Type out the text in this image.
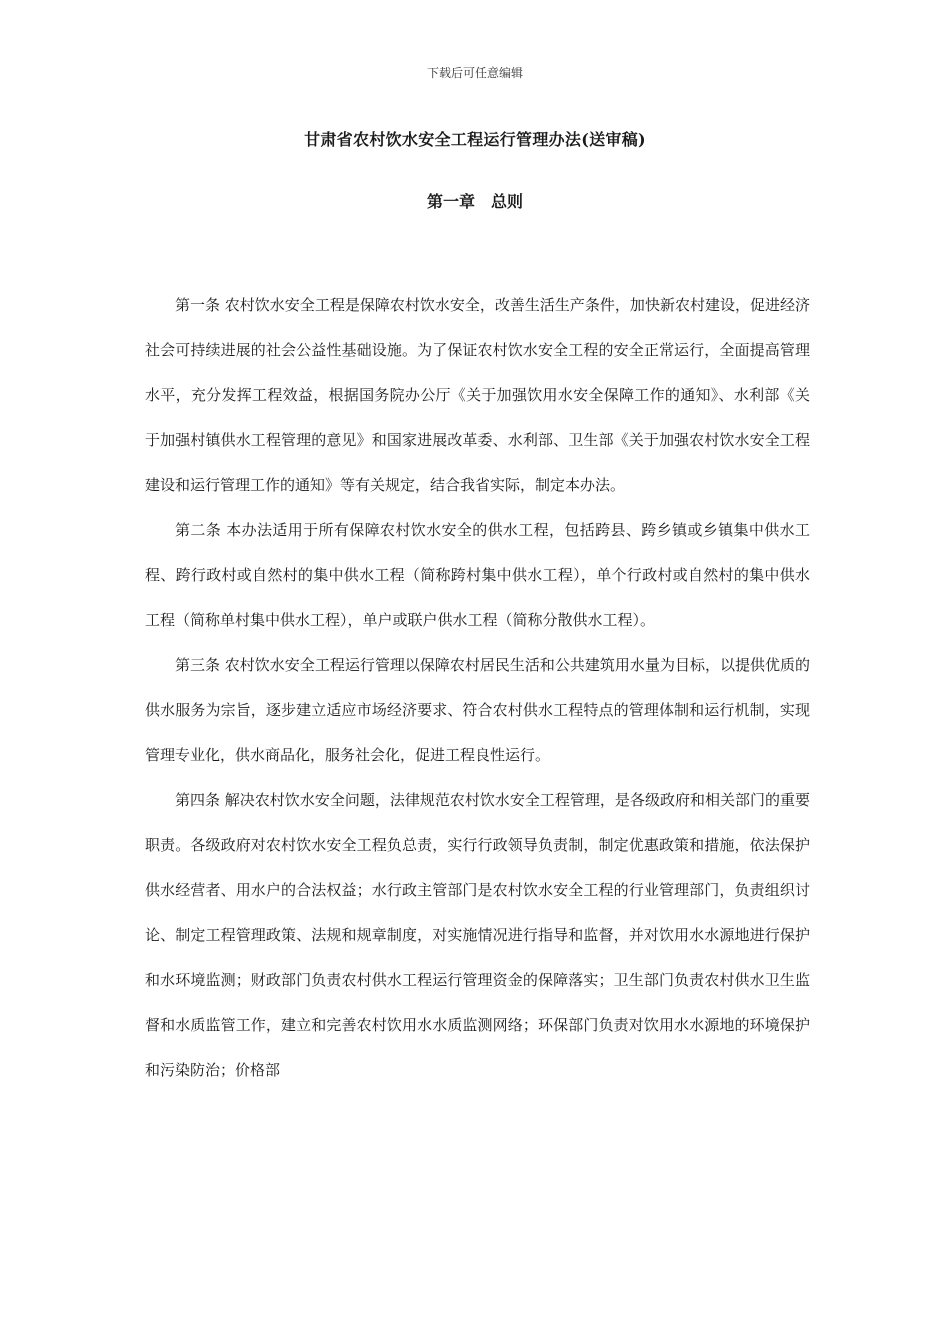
下载后可任意编辑
甘肃省农村饮水安全工程运行管理办法(送审稿)
第一章　总则

第一条 农村饮水安全工程是保障农村饮水安全，改善生活生产条件，加快新农村建设，促进经济社会可持续进展的社会公益性基础设施。为了保证农村饮水安全工程的安全正常运行，全面提高管理水平，充分发挥工程效益，根据国务院办公厅《关于加强饮用水安全保障工作的通知》、水利部《关于加强村镇供水工程管理的意见》和国家进展改革委、水利部、卫生部《关于加强农村饮水安全工程建设和运行管理工作的通知》等有关规定，结合我省实际，制定本办法。

第二条 本办法适用于所有保障农村饮水安全的供水工程，包括跨县、跨乡镇或乡镇集中供水工程、跨行政村或自然村的集中供水工程（简称跨村集中供水工程），单个行政村或自然村的集中供水工程（简称单村集中供水工程），单户或联户供水工程（简称分散供水工程）。

第三条 农村饮水安全工程运行管理以保障农村居民生活和公共建筑用水量为目标，以提供优质的供水服务为宗旨，逐步建立适应市场经济要求、符合农村供水工程特点的管理体制和运行机制，实现管理专业化，供水商品化，服务社会化，促进工程良性运行。

第四条 解决农村饮水安全问题，法律规范农村饮水安全工程管理，是各级政府和相关部门的重要职责。各级政府对农村饮水安全工程负总责，实行行政领导负责制，制定优惠政策和措施，依法保护供水经营者、用水户的合法权益；水行政主管部门是农村饮水安全工程的行业管理部门，负责组织讨论、制定工程管理政策、法规和规章制度，对实施情况进行指导和监督，并对饮用水水源地进行保护和水环境监测；财政部门负责农村供水工程运行管理资金的保障落实；卫生部门负责农村供水卫生监督和水质监管工作，建立和完善农村饮用水水质监测网络；环保部门负责对饮用水水源地的环境保护和污染防治；价格部
